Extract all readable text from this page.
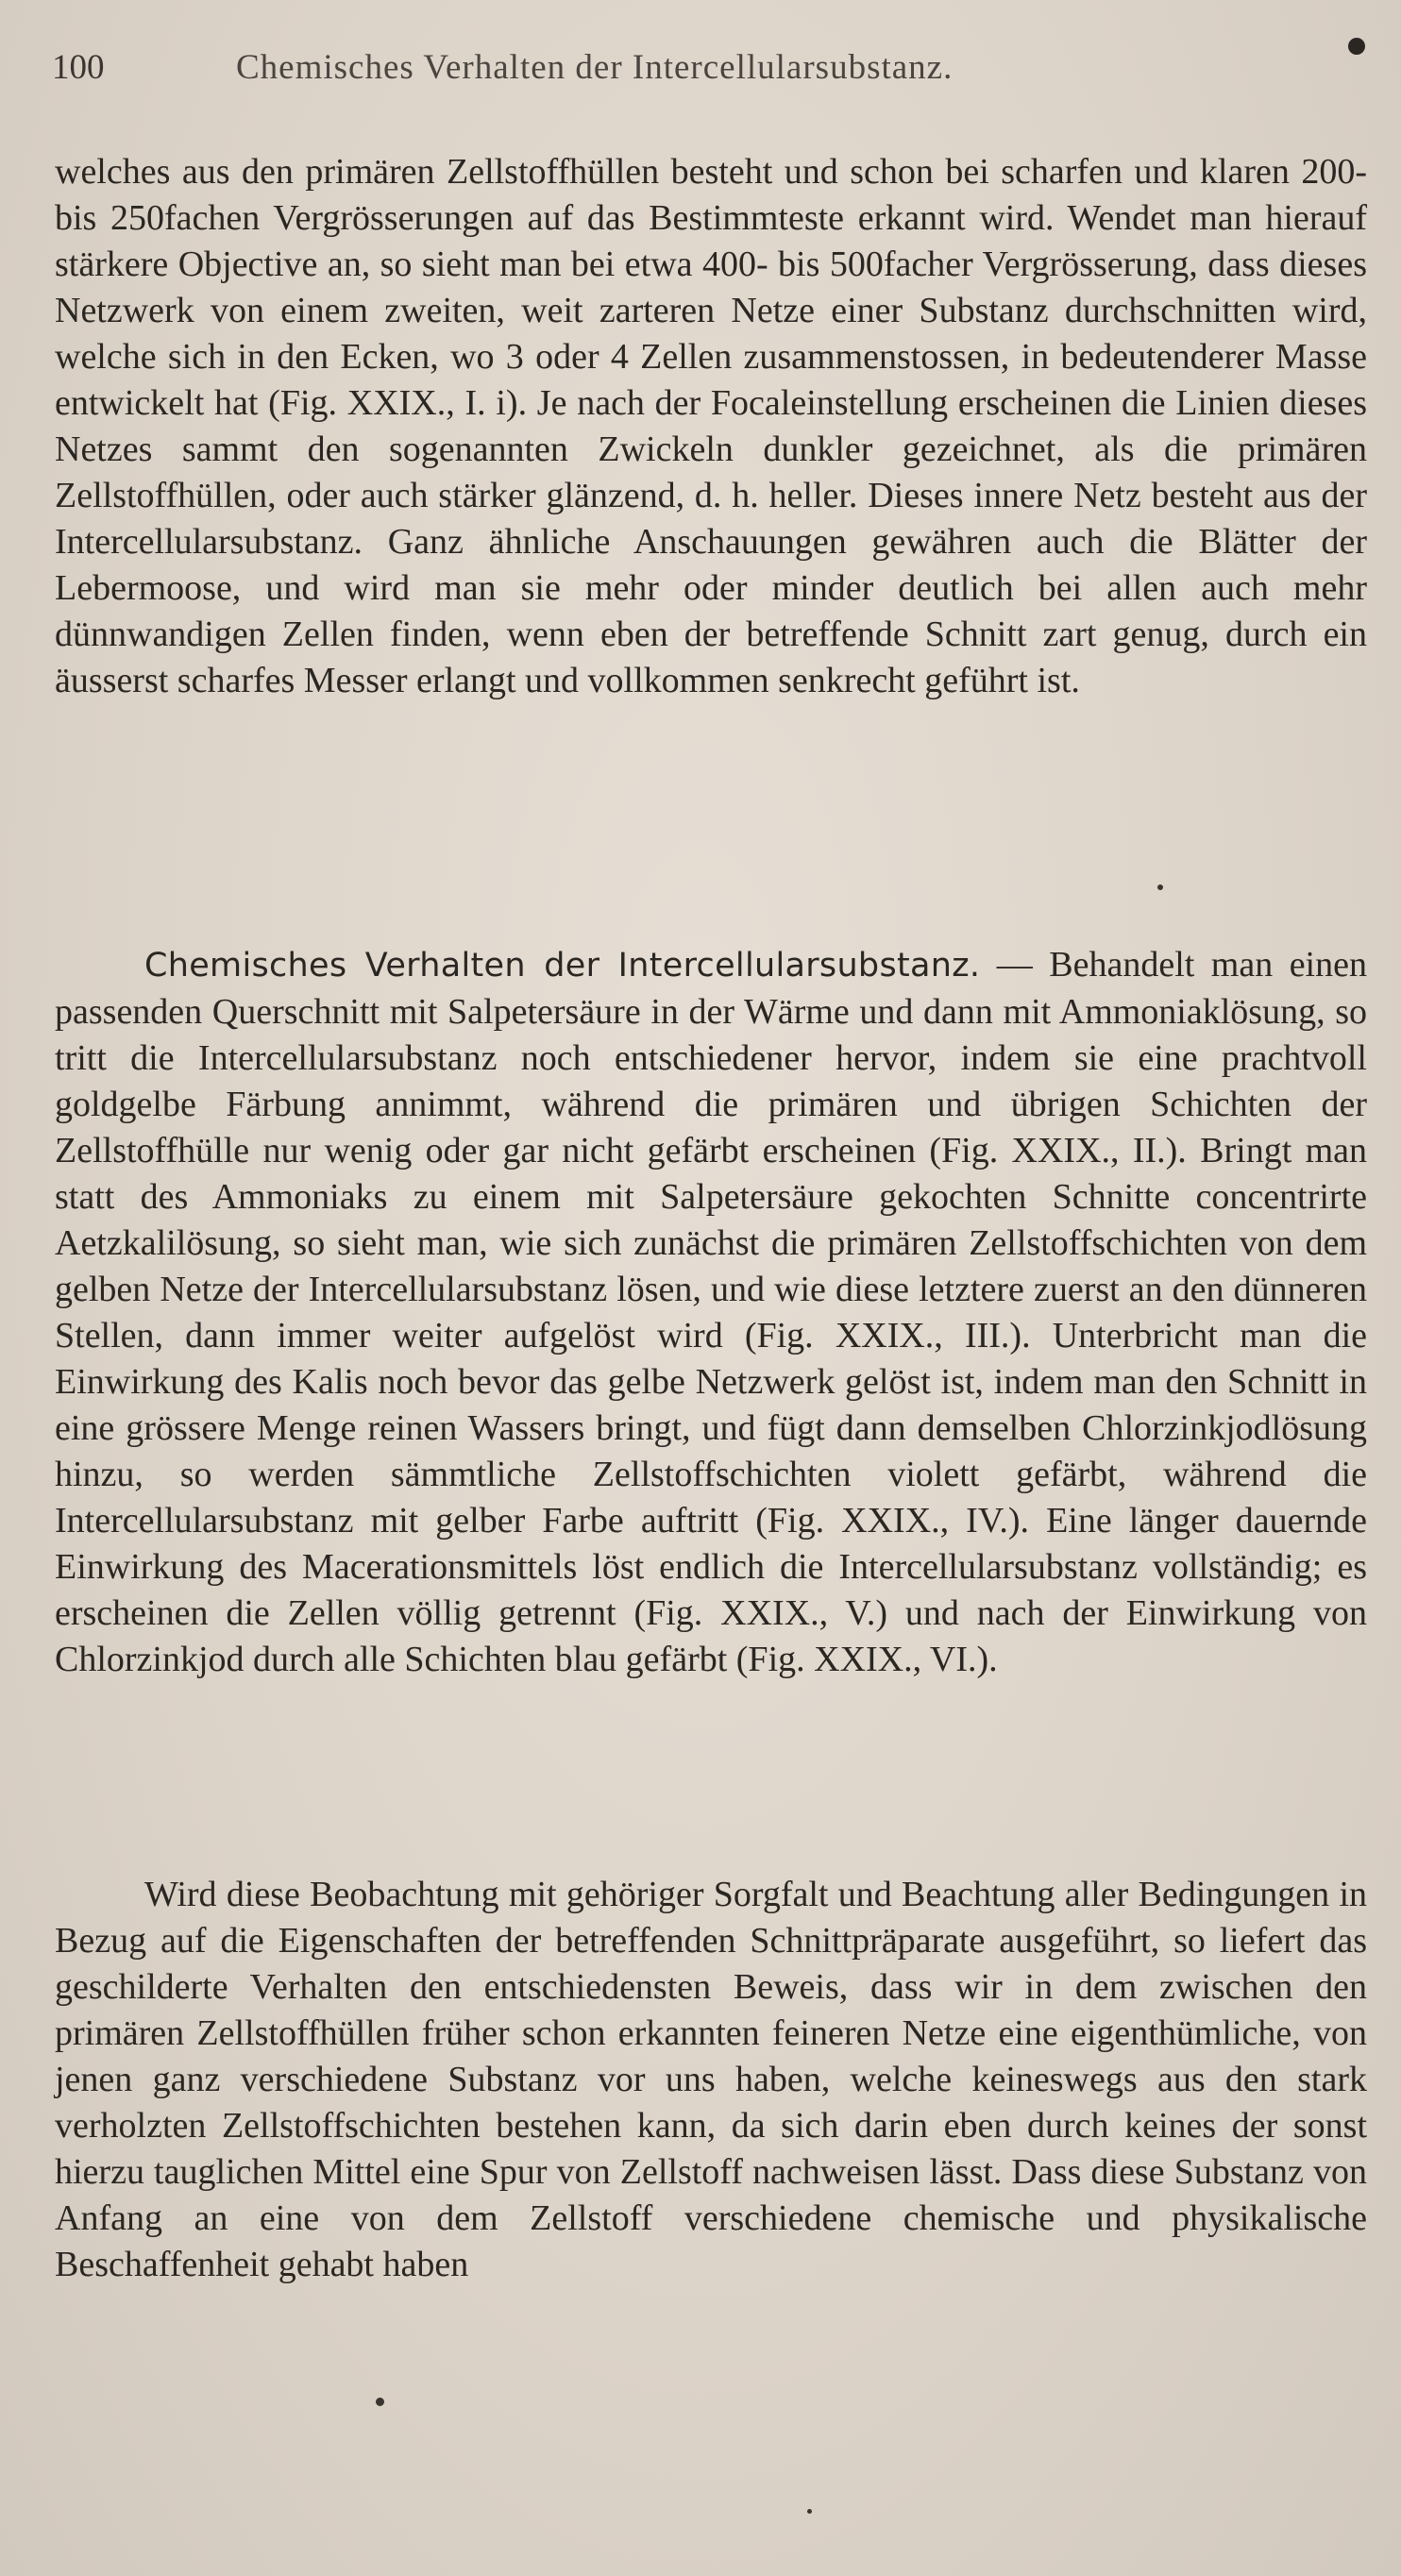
100	Chemisches Verhalten der Intercellularsubstanz.

welches aus den primären Zellstoffhüllen besteht und schon bei scharfen und klaren 200- bis 250fachen Vergrösserungen auf das Bestimmteste erkannt wird. Wendet man hierauf stärkere Objective an, so sieht man bei etwa 400- bis 500facher Vergrösserung, dass dieses Netzwerk von einem zweiten, weit zarteren Netze einer Substanz durchschnitten wird, welche sich in den Ecken, wo 3 oder 4 Zellen zusammenstossen, in bedeutenderer Masse entwickelt hat (Fig. XXIX., I. i). Je nach der Focaleinstellung erscheinen die Linien dieses Netzes sammt den sogenannten Zwickeln dunkler gezeichnet, als die primären Zellstoffhüllen, oder auch stärker glänzend, d. h. heller. Dieses innere Netz besteht aus der Intercellularsubstanz. Ganz ähnliche Anschauungen gewähren auch die Blätter der Lebermoose, und wird man sie mehr oder minder deutlich bei allen auch mehr dünnwandigen Zellen finden, wenn eben der betreffende Schnitt zart genug, durch ein äusserst scharfes Messer erlangt und vollkommen senkrecht geführt ist.

Chemisches Verhalten der Intercellularsubstanz. — Behandelt man einen passenden Querschnitt mit Salpetersäure in der Wärme und dann mit Ammoniaklösung, so tritt die Intercellularsubstanz noch entschiedener hervor, indem sie eine prachtvoll goldgelbe Färbung annimmt, während die primären und übrigen Schichten der Zellstoffhülle nur wenig oder gar nicht gefärbt erscheinen (Fig. XXIX., II.). Bringt man statt des Ammoniaks zu einem mit Salpetersäure gekochten Schnitte concentrirte Aetzkalilösung, so sieht man, wie sich zunächst die primären Zellstoffschichten von dem gelben Netze der Intercellularsubstanz lösen, und wie diese letztere zuerst an den dünneren Stellen, dann immer weiter aufgelöst wird (Fig. XXIX., III.). Unterbricht man die Einwirkung des Kalis noch bevor das gelbe Netzwerk gelöst ist, indem man den Schnitt in eine grössere Menge reinen Wassers bringt, und fügt dann demselben Chlorzinkjodlösung hinzu, so werden sämmtliche Zellstoffschichten violett gefärbt, während die Intercellularsubstanz mit gelber Farbe auftritt (Fig. XXIX., IV.). Eine länger dauernde Einwirkung des Macerationsmittels löst endlich die Intercellularsubstanz vollständig; es erscheinen die Zellen völlig getrennt (Fig. XXIX., V.) und nach der Einwirkung von Chlorzinkjod durch alle Schichten blau gefärbt (Fig. XXIX., VI.).

Wird diese Beobachtung mit gehöriger Sorgfalt und Beachtung aller Bedingungen in Bezug auf die Eigenschaften der betreffenden Schnittpräparate ausgeführt, so liefert das geschilderte Verhalten den entschiedensten Beweis, dass wir in dem zwischen den primären Zellstoffhüllen früher schon erkannten feineren Netze eine eigenthümliche, von jenen ganz verschiedene Substanz vor uns haben, welche keineswegs aus den stark verholzten Zellstoffschichten bestehen kann, da sich darin eben durch keines der sonst hierzu tauglichen Mittel eine Spur von Zellstoff nachweisen lässt. Dass diese Substanz von Anfang an eine von dem Zellstoff verschiedene chemische und physikalische Beschaffenheit gehabt haben
